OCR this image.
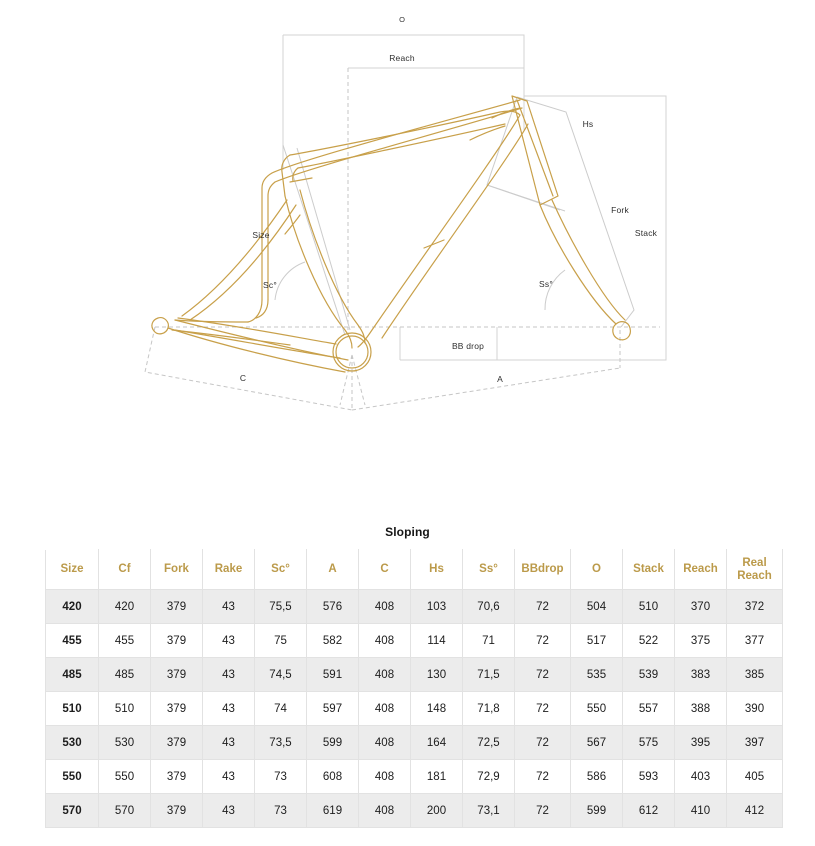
O
Reach
Hs
Fork
Stack
Ss°
Sc°
Size
BB drop
C	A
Sloping
Size	Cf	Fork	Rake	Sc°	A	C	Hs	Ss°	BBdrop	O	Stack	Reach	Real Reach
420	420	379	43	75,5	576	408	103	70,6	72	504	510	370	372
455	455	379	43	75	582	408	114	71	72	517	522	375	377
485	485	379	43	74,5	591	408	130	71,5	72	535	539	383	385
510	510	379	43	74	597	408	148	71,8	72	550	557	388	390
530	530	379	43	73,5	599	408	164	72,5	72	567	575	395	397
550	550	379	43	73	608	408	181	72,9	72	586	593	403	405
570	570	379	43	73	619	408	200	73,1	72	599	612	410	412
